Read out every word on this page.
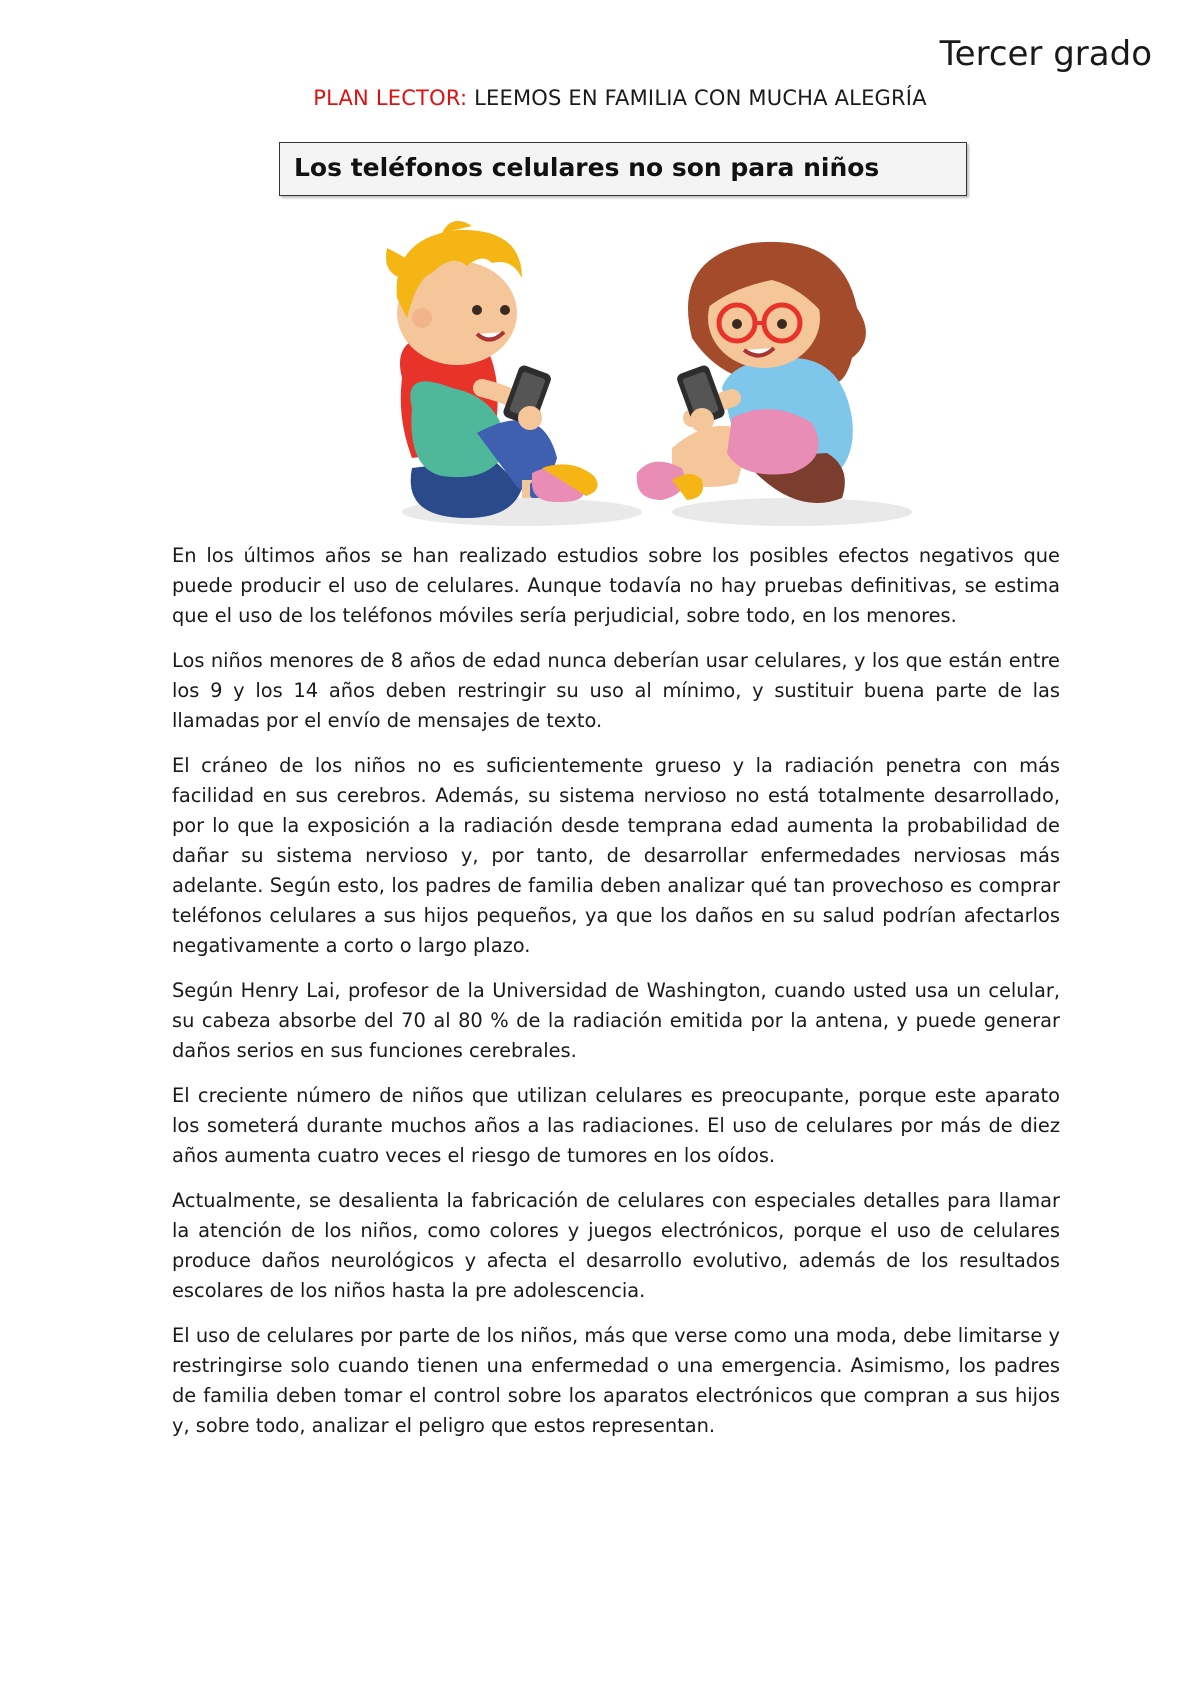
Tercer grado
PLAN LECTOR: LEEMOS EN FAMILIA CON MUCHA ALEGRÍA
Los teléfonos celulares no son para niños

En los últimos años se han realizado estudios sobre los posibles efectos negativos que puede producir el uso de celulares. Aunque todavía no hay pruebas definitivas, se estima que el uso de los teléfonos móviles sería perjudicial, sobre todo, en los menores.

Los niños menores de 8 años de edad nunca deberían usar celulares, y los que están entre los 9 y los 14 años deben restringir su uso al mínimo, y sustituir buena parte de las llamadas por el envío de mensajes de texto.

El cráneo de los niños no es suficientemente grueso y la radiación penetra con más facilidad en sus cerebros. Además, su sistema nervioso no está totalmente desarrollado, por lo que la exposición a la radiación desde temprana edad aumenta la probabilidad de dañar su sistema nervioso y, por tanto, de desarrollar enfermedades nerviosas más adelante. Según esto, los padres de familia deben analizar qué tan provechoso es comprar teléfonos celulares a sus hijos pequeños, ya que los daños en su salud podrían afectarlos negativamente a corto o largo plazo.

Según Henry Lai, profesor de la Universidad de Washington, cuando usted usa un celular, su cabeza absorbe del 70 al 80 % de la radiación emitida por la antena, y puede generar daños serios en sus funciones cerebrales.

El creciente número de niños que utilizan celulares es preocupante, porque este aparato los someterá durante muchos años a las radiaciones. El uso de celulares por más de diez años aumenta cuatro veces el riesgo de tumores en los oídos.

Actualmente, se desalienta la fabricación de celulares con especiales detalles para llamar la atención de los niños, como colores y juegos electrónicos, porque el uso de celulares produce daños neurológicos y afecta el desarrollo evolutivo, además de los resultados escolares de los niños hasta la pre adolescencia.

El uso de celulares por parte de los niños, más que verse como una moda, debe limitarse y restringirse solo cuando tienen una enfermedad o una emergencia. Asimismo, los padres de familia deben tomar el control sobre los aparatos electrónicos que compran a sus hijos y, sobre todo, analizar el peligro que estos representan.
